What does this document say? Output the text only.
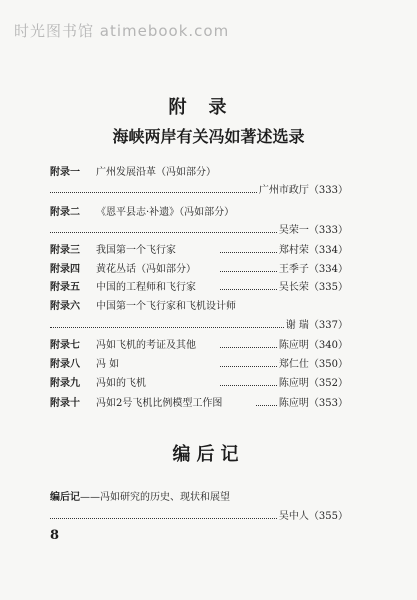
时光图书馆 atimebook.com
附录
海峡两岸有关冯如著述选录
附录一 广州发展沿革（冯如部分）
广州市政厅 （333）
附录二 《恩平县志·补遗》（冯如部分）
吴荣一 （333）
附录三 我国第一个飞行家	郑村荣 （334）
附录四 黄花丛话（冯如部分）	王季子 （334）
附录五 中国的工程师和飞行家	吴长荣 （335）
附录六 中国第一个飞行家和飞机设计师
谢 瑞 （337）
附录七 冯如飞机的考证及其他	陈应明 （340）
附录八 冯 如	郑仁仕 （350）
附录九 冯如的飞机	陈应明 （352）
附录十 冯如2号飞机比例模型工作图	陈应明 （353）
编后记
编后记——冯如研究的历史、现状和展望
吴中人 （355）
8
